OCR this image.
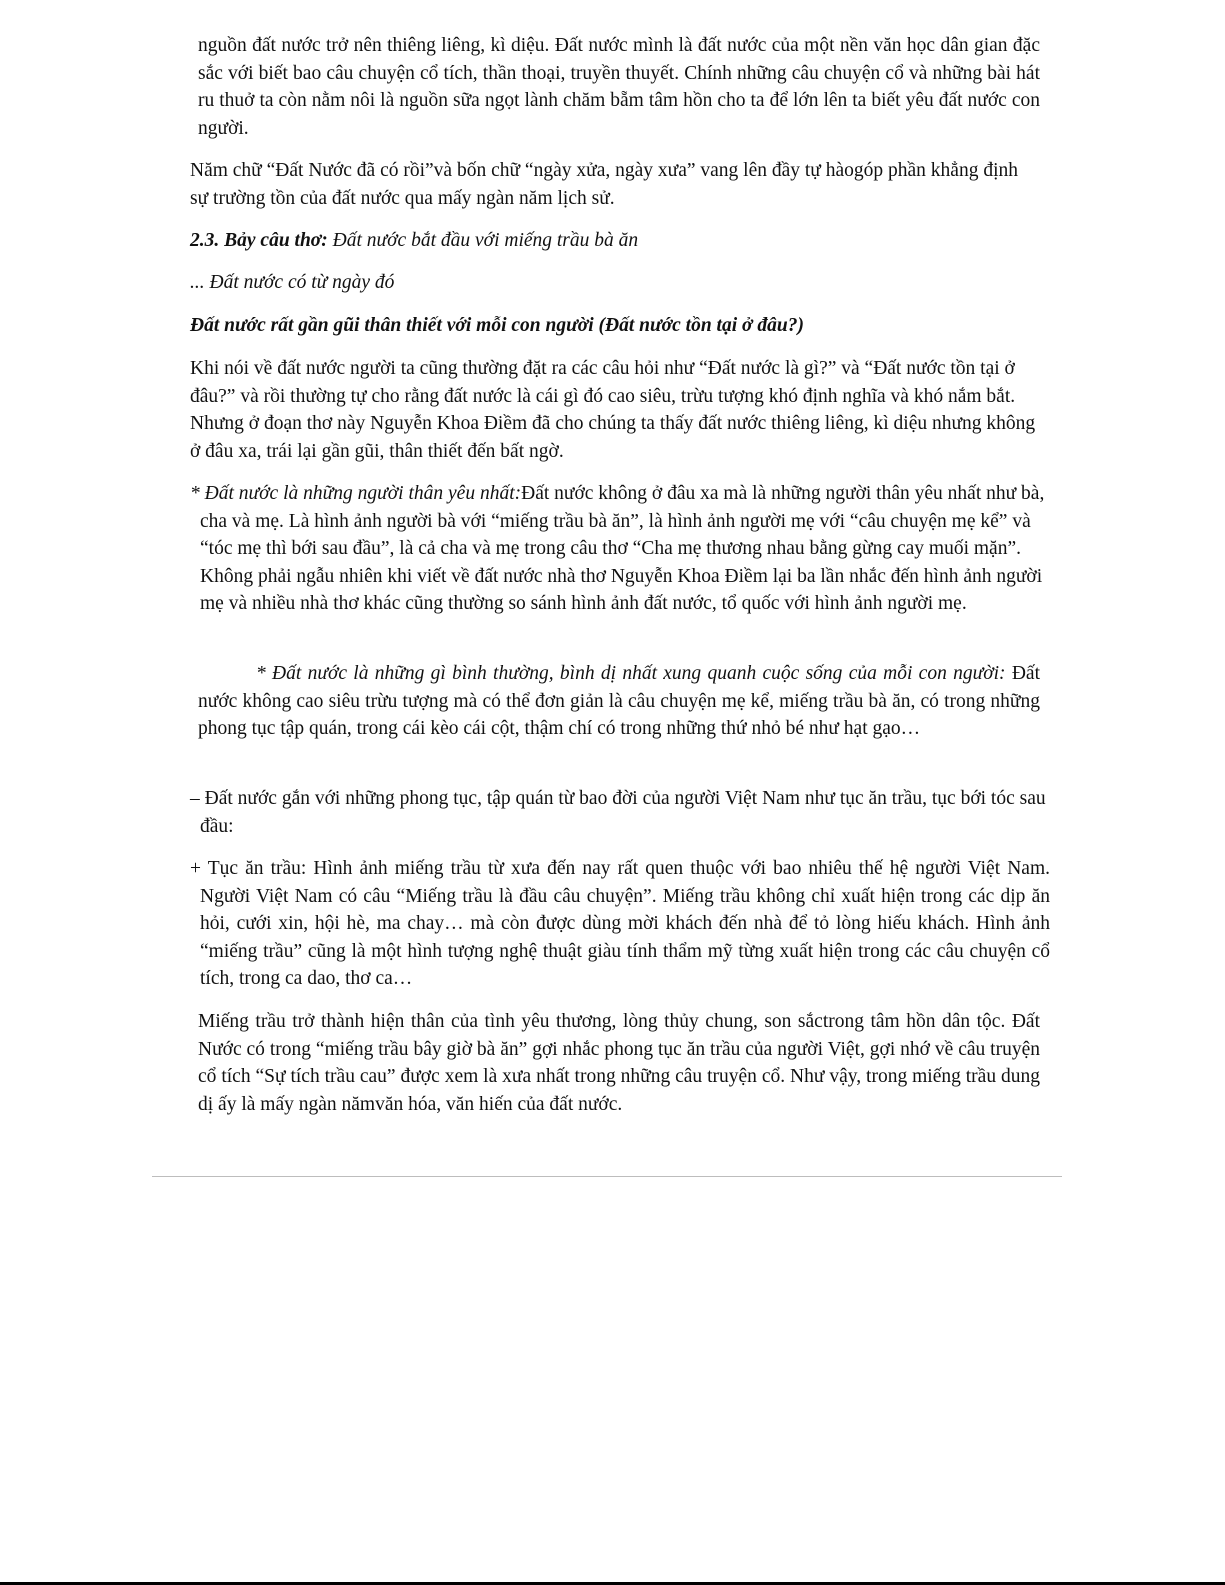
nguồn đất nước trở nên thiêng liêng, kì diệu. Đất nước mình là đất nước của một nền văn học dân gian đặc sắc với biết bao câu chuyện cổ tích, thần thoại, truyền thuyết. Chính những câu chuyện cổ và những bài hát ru thuở ta còn nằm nôi là nguồn sữa ngọt lành chăm bẵm tâm hồn cho ta để lớn lên ta biết yêu đất nước con người.

Năm chữ “Đất Nước đã có rồi”và bốn chữ “ngày xửa, ngày xưa” vang lên đầy tự hàogóp phần khẳng định sự trường tồn của đất nước qua mấy ngàn năm lịch sử.

2.3. Bảy câu thơ: Đất nước bắt đầu với miếng trầu bà ăn

... Đất nước có từ ngày đó

Đất nước rất gần gũi thân thiết với mỗi con người (Đất nước tồn tại ở đâu?)

Khi nói về đất nước người ta cũng thường đặt ra các câu hỏi như “Đất nước là gì?” và “Đất nước tồn tại ở đâu?” và rồi thường tự cho rằng đất nước là cái gì đó cao siêu, trừu tượng khó định nghĩa và khó nắm bắt. Nhưng ở đoạn thơ này Nguyễn Khoa Điềm đã cho chúng ta thấy đất nước thiêng liêng, kì diệu nhưng không ở đâu xa, trái lại gần gũi, thân thiết đến bất ngờ.

* Đất nước là những người thân yêu nhất:Đất nước không ở đâu xa mà là những người thân yêu nhất như bà, cha và mẹ. Là hình ảnh người bà với “miếng trầu bà ăn”, là hình ảnh người mẹ với “câu chuyện mẹ kể” và “tóc mẹ thì bới sau đầu”, là cả cha và mẹ trong câu thơ “Cha mẹ thương nhau bằng gừng cay muối mặn”. Không phải ngẫu nhiên khi viết về đất nước nhà thơ Nguyễn Khoa Điềm lại ba lần nhắc đến hình ảnh người mẹ và nhiều nhà thơ khác cũng thường so sánh hình ảnh đất nước, tổ quốc với hình ảnh người mẹ.

* Đất nước là những gì bình thường, bình dị nhất xung quanh cuộc sống của mỗi con người: Đất nước không cao siêu trừu tượng mà có thể đơn giản là câu chuyện mẹ kể, miếng trầu bà ăn, có trong những phong tục tập quán, trong cái kèo cái cột, thậm chí có trong những thứ nhỏ bé như hạt gạo…

– Đất nước gắn với những phong tục, tập quán từ bao đời của người Việt Nam như tục ăn trầu, tục bới tóc sau đầu:

+ Tục ăn trầu: Hình ảnh miếng trầu từ xưa đến nay rất quen thuộc với bao nhiêu thế hệ người Việt Nam. Người Việt Nam có câu “Miếng trầu là đầu câu chuyện”. Miếng trầu không chỉ xuất hiện trong các dịp ăn hỏi, cưới xin, hội hè, ma chay… mà còn được dùng mời khách đến nhà để tỏ lòng hiếu khách. Hình ảnh “miếng trầu” cũng là một hình tượng nghệ thuật giàu tính thẩm mỹ từng xuất hiện trong các câu chuyện cổ tích, trong ca dao, thơ ca…

Miếng trầu trở thành hiện thân của tình yêu thương, lòng thủy chung, son sắctrong tâm hồn dân tộc. Đất Nước có trong “miếng trầu bây giờ bà ăn” gợi nhắc phong tục ăn trầu của người Việt, gợi nhớ về câu truyện cổ tích “Sự tích trầu cau” được xem là xưa nhất trong những câu truyện cổ. Như vậy, trong miếng trầu dung dị ấy là mấy ngàn nămvăn hóa, văn hiến của đất nước.
